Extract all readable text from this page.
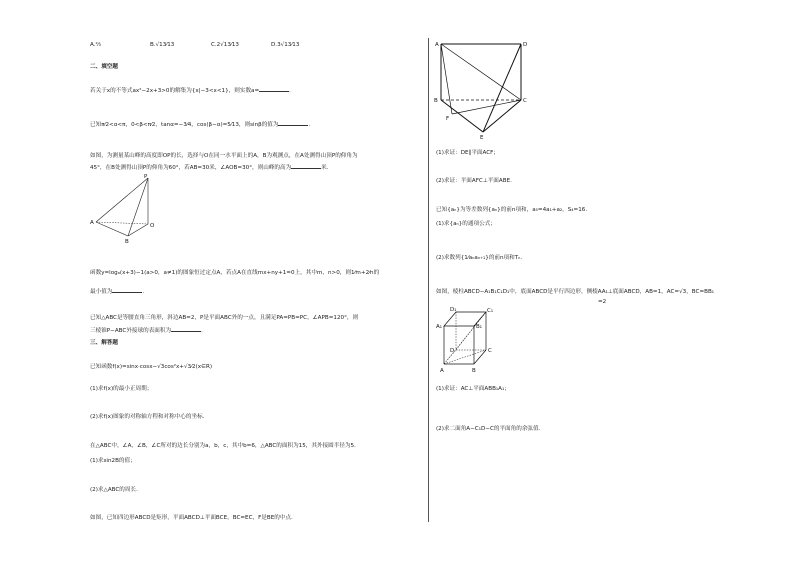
A.²⁄₃	B.√13⁄13	C.2√13⁄13	D.3√13⁄13
二、填空题
若关于x的不等式ax²−2x+3>0的解集为{x|−3<x<1}，则实数a=	.
已知π⁄2<α<π，0<β<π⁄2，tanα=−3⁄4，cos(β−α)=5⁄13，则sinβ的值为	.
如图，为测量某山峰的高度即OP的长，选择与O在同一水平面上的A，B为观测点，在A处测得山顶P的仰角为
45°，在B处测得山顶P的仰角为60°，若AB=30米，∠AOB=30°，则山峰的高为	米.
P
A	O
B
函数y=logₐ(x+3)−1(a>0，a≠1)的图象恒过定点A，若点A在直线mx+ny+1=0上，其中m，n>0，则1⁄m+2⁄n的
最小值为	.
已知△ABC是等腰直角三角形，斜边AB=2，P是平面ABC外的一点，且满足PA=PB=PC，∠APB=120°，则
三棱锥P−ABC外接球的表面积为	.
三、解答题
已知函数f(x)=sinx·cosx−√3cos²x+√3⁄2(x∈R)
(1)求f(x)的最小正周期；
(2)求f(x)图象的对称轴方程和对称中心的坐标.
在△ABC中，∠A，∠B，∠C所对的边长分别为a，b，c，其中b=6，△ABC的面积为15，其外接圆半径为5.
(1)求sin2B的值；
(2)求△ABC的周长.
如图，已知四边形ABCD是矩形，平面ABCD⊥平面BCE，BC=EC，F是BE的中点.
A	D
B	C
F
E
(1)求证：DE∥平面ACF；
(2)求证：平面AFC⊥平面ABE.
已知{aₙ}为等差数列{aₙ}的前n项和，a₅=4a₁+a₂，S₄=16.
(1)求{aₙ}的通项公式；
(2)求数列{1⁄aₙaₙ₊₁}的前n项和Tₙ.
如图，棱柱ABCD−A₁B₁C₁D₁中，底面ABCD是平行四边形，侧棱AA₁⊥底面ABCD，AB=1，AC=√3，BC=BB₁
=2
D₁	C₁
A₁	B₁
D	C
A	B
(1)求证：AC⊥平面ABB₁A₁；
(2)求二面角A−C₁D−C的平面角的余弦值.
